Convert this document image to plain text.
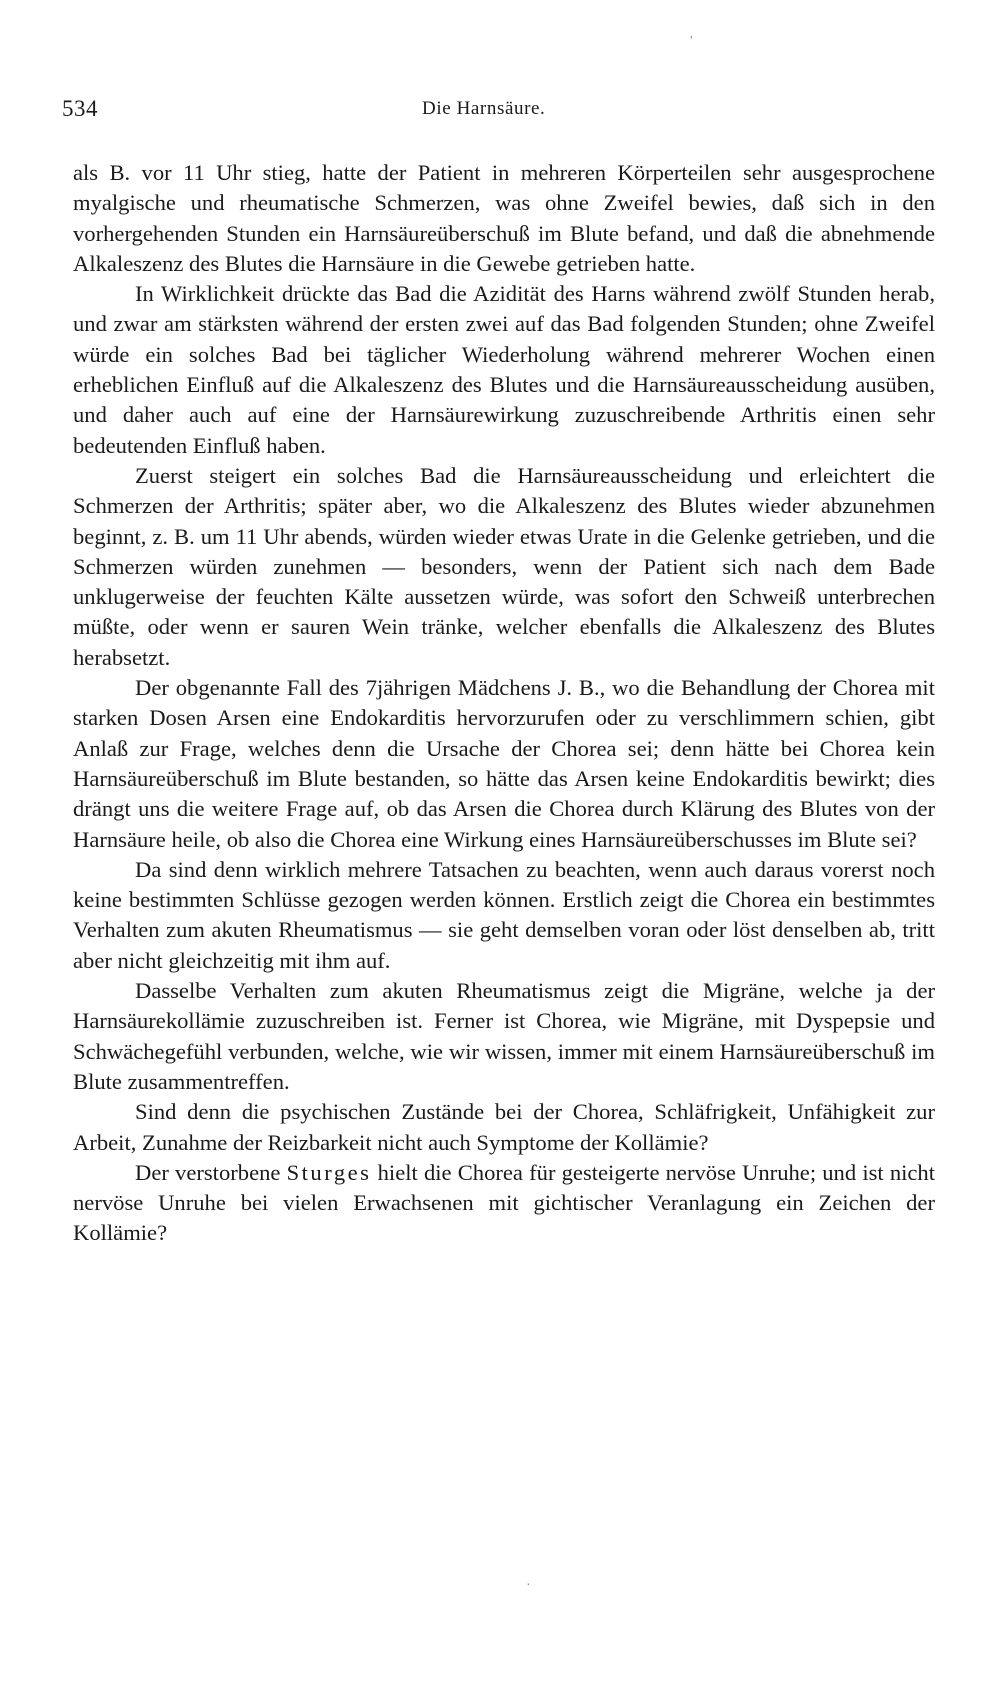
'
534	Die Harnsäure.

als B. vor 11 Uhr stieg, hatte der Patient in mehreren Körperteilen sehr ausgesprochene myalgische und rheumatische Schmerzen, was ohne Zweifel bewies, daß sich in den vorhergehenden Stunden ein Harnsäureüberschuß im Blute befand, und daß die abnehmende Alkaleszenz des Blutes die Harnsäure in die Gewebe getrieben hatte.

In Wirklichkeit drückte das Bad die Azidität des Harns während zwölf Stunden herab, und zwar am stärksten während der ersten zwei auf das Bad folgenden Stunden; ohne Zweifel würde ein solches Bad bei täglicher Wiederholung während mehrerer Wochen einen erheblichen Einfluß auf die Alkaleszenz des Blutes und die Harnsäureausscheidung ausüben, und daher auch auf eine der Harnsäurewirkung zuzuschreibende Arthritis einen sehr bedeutenden Einfluß haben.

Zuerst steigert ein solches Bad die Harnsäureausscheidung und erleichtert die Schmerzen der Arthritis; später aber, wo die Alkaleszenz des Blutes wieder abzunehmen beginnt, z. B. um 11 Uhr abends, würden wieder etwas Urate in die Gelenke getrieben, und die Schmerzen würden zunehmen — besonders, wenn der Patient sich nach dem Bade unklugerweise der feuchten Kälte aussetzen würde, was sofort den Schweiß unterbrechen müßte, oder wenn er sauren Wein tränke, welcher ebenfalls die Alkaleszenz des Blutes herabsetzt.

Der obgenannte Fall des 7jährigen Mädchens J. B., wo die Behandlung der Chorea mit starken Dosen Arsen eine Endokarditis hervorzurufen oder zu verschlimmern schien, gibt Anlaß zur Frage, welches denn die Ursache der Chorea sei; denn hätte bei Chorea kein Harnsäureüberschuß im Blute bestanden, so hätte das Arsen keine Endokarditis bewirkt; dies drängt uns die weitere Frage auf, ob das Arsen die Chorea durch Klärung des Blutes von der Harnsäure heile, ob also die Chorea eine Wirkung eines Harnsäureüberschusses im Blute sei?

Da sind denn wirklich mehrere Tatsachen zu beachten, wenn auch daraus vorerst noch keine bestimmten Schlüsse gezogen werden können. Erstlich zeigt die Chorea ein bestimmtes Verhalten zum akuten Rheumatismus — sie geht demselben voran oder löst denselben ab, tritt aber nicht gleichzeitig mit ihm auf.

Dasselbe Verhalten zum akuten Rheumatismus zeigt die Migräne, welche ja der Harnsäurekollämie zuzuschreiben ist. Ferner ist Chorea, wie Migräne, mit Dyspepsie und Schwächegefühl verbunden, welche, wie wir wissen, immer mit einem Harnsäureüberschuß im Blute zusammentreffen.

Sind denn die psychischen Zustände bei der Chorea, Schläfrigkeit, Unfähigkeit zur Arbeit, Zunahme der Reizbarkeit nicht auch Symptome der Kollämie?

Der verstorbene Sturges hielt die Chorea für gesteigerte nervöse Unruhe; und ist nicht nervöse Unruhe bei vielen Erwachsenen mit gichtischer Veranlagung ein Zeichen der Kollämie?

·
